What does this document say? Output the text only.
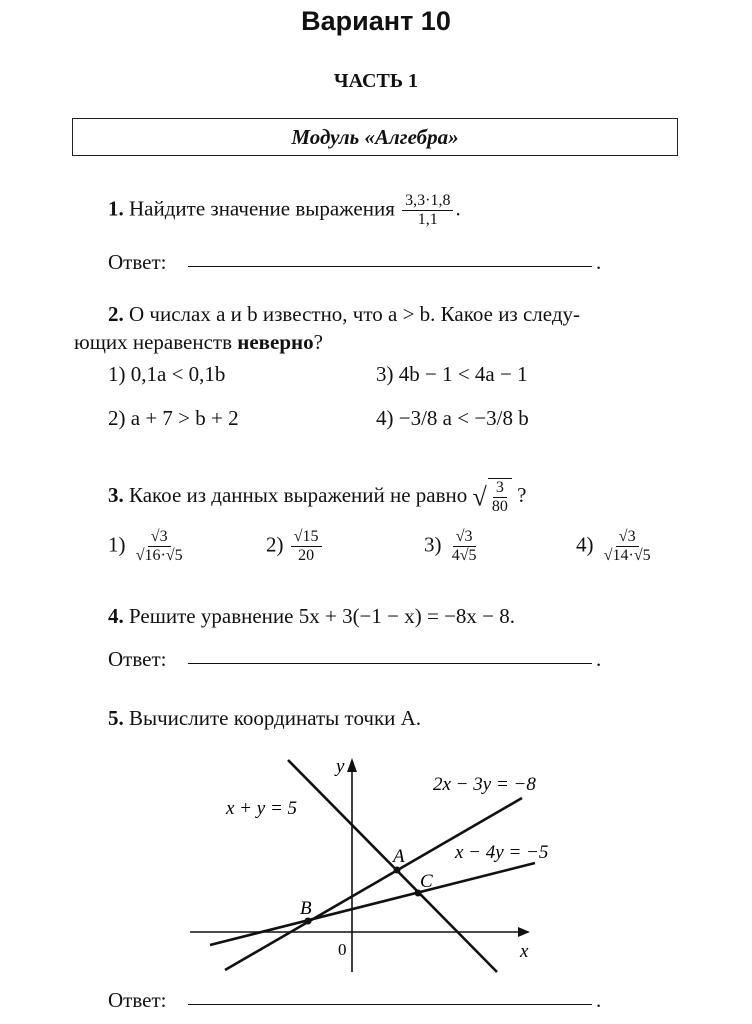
Вариант 10
ЧАСТЬ 1
Модуль «Алгебра»
1. Найдите значение выражения $\frac{3,3\cdot 1,8}{1,1}$ .
Ответ:	.
2. О числах a и b известно, что a > b. Какое из следу-
ющих неравенств неверно?
1) 0,1a < 0,1b	3) 4b − 1 < 4a − 1
2) a + 7 > b + 2	4) −3/8 a < −3/8 b
3. Какое из данных выражений не равно √ $\frac{3}{80}$ ?
$1) \frac{√3}{√16\cdot√5}$	$2) \frac{√15}{20}$	$3) \frac{√3}{4√5}$	$4) \frac{√3}{√14\cdot√5}$
4. Решите уравнение 5x + 3(−1 − x) = −8x − 8.
Ответ:	.
5. Вычислите координаты точки A.
y
x
0
2x − 3y = −8
x + y = 5
x − 4y = −5
A
C
B
Ответ:	.
